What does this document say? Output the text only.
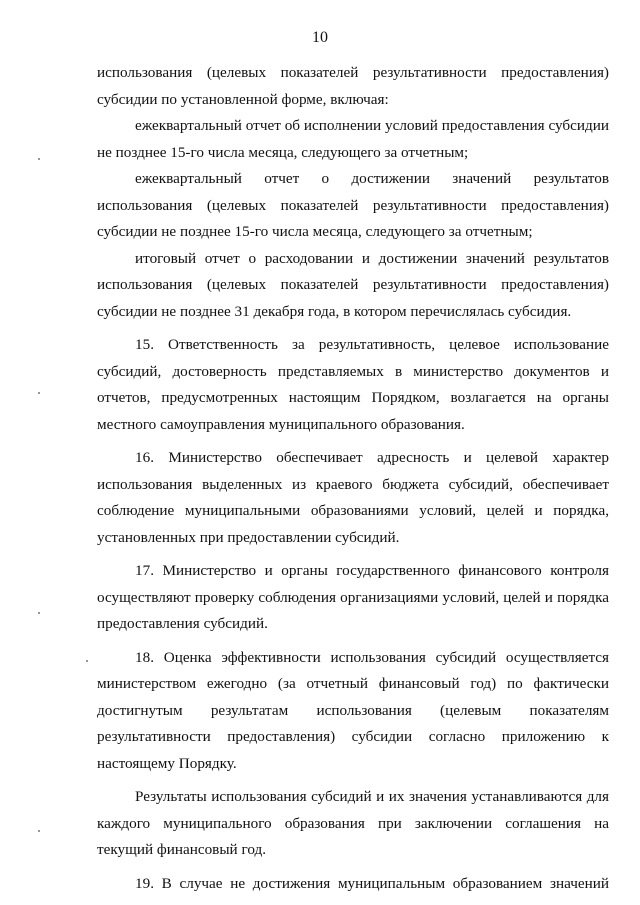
10

использования (целевых показателей результативности предоставления) субсидии по установленной форме, включая:

ежеквартальный отчет об исполнении условий предоставления субсидии не позднее 15-го числа месяца, следующего за отчетным;

ежеквартальный отчет о достижении значений результатов использования (целевых показателей результативности предоставления) субсидии не позднее 15-го числа месяца, следующего за отчетным;

итоговый отчет о расходовании и достижении значений результатов использования (целевых показателей результативности предоставления) субсидии не позднее 31 декабря года, в котором перечислялась субсидия.

15. Ответственность за результативность, целевое использование субсидий, достоверность представляемых в министерство документов и отчетов, предусмотренных настоящим Порядком, возлагается на органы местного самоуправления муниципального образования.

16. Министерство обеспечивает адресность и целевой характер использования выделенных из краевого бюджета субсидий, обеспечивает соблюдение муниципальными образованиями условий, целей и порядка, установленных при предоставлении субсидий.

17. Министерство и органы государственного финансового контроля осуществляют проверку соблюдения организациями условий, целей и порядка предоставления субсидий.

18. Оценка эффективности использования субсидий осуществляется министерством ежегодно (за отчетный финансовый год) по фактически достигнутым результатам использования (целевым показателям результативности предоставления) субсидии согласно приложению к настоящему Порядку.

Результаты использования субсидий и их значения устанавливаются для каждого муниципального образования при заключении соглашения на текущий финансовый год.

19. В случае не достижения муниципальным образованием значений
